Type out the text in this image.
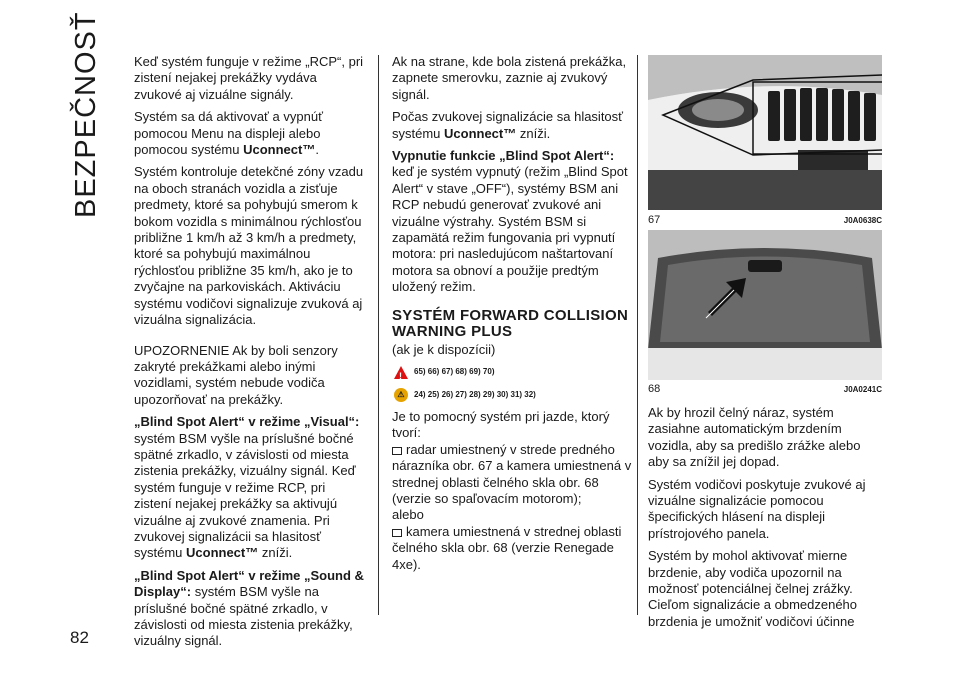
BEZPEČNOSŤ
82

Keď systém funguje v režime „RCP“, pri zistení nejakej prekážky vydáva zvukové aj vizuálne signály.

Systém sa dá aktivovať a vypnúť pomocou Menu na displeji alebo pomocou systému Uconnect™.

Systém kontroluje detekčné zóny vzadu na oboch stranách vozidla a zisťuje predmety, ktoré sa pohybujú smerom k bokom vozidla s minimálnou rýchlosťou približne 1 km/h až 3 km/h a predmety, ktoré sa pohybujú maximálnou rýchlosťou približne 35 km/h, ako je to zvyčajne na parkoviskách. Aktiváciu systému vodičovi signalizuje zvuková aj vizuálna signalizácia.

UPOZORNENIE Ak by boli senzory zakryté prekážkami alebo inými vozidlami, systém nebude vodiča upozorňovať na prekážky.

„Blind Spot Alert“ v režime „Visual“: systém BSM vyšle na príslušné bočné spätné zrkadlo, v závislosti od miesta zistenia prekážky, vizuálny signál. Keď systém funguje v režime RCP, pri zistení nejakej prekážky sa aktivujú vizuálne aj zvukové znamenia. Pri zvukovej signalizácii sa hlasitosť systému Uconnect™ zníži.

„Blind Spot Alert“ v režime „Sound & Display“: systém BSM vyšle na príslušné bočné spätné zrkadlo, v závislosti od miesta zistenia prekážky, vizuálny signál.

Ak na strane, kde bola zistená prekážka, zapnete smerovku, zaznie aj zvukový signál.

Počas zvukovej signalizácie sa hlasitosť systému Uconnect™ zníži.

Vypnutie funkcie „Blind Spot Alert“: keď je systém vypnutý (režim „Blind Spot Alert“ v stave „OFF“), systémy BSM ani RCP nebudú generovať zvukové ani vizuálne výstrahy. Systém BSM si zapamätá režim fungovania pri vypnutí motora: pri nasledujúcom naštartovaní motora sa obnoví a použije predtým uložený režim.

SYSTÉM FORWARD COLLISION WARNING PLUS

(ak je k dispozícii)

!
65) 66) 67) 68) 69) 70)
⚠	24) 25) 26) 27) 28) 29) 30) 31) 32)

Je to pomocný systém pri jazde, ktorý tvorí:

radar umiestnený v strede predného nárazníka obr. 67 a kamera umiestnená v strednej oblasti čelného skla obr. 68 (verzie so spaľovacím motorom);
alebo
kamera umiestnená v strednej oblasti čelného skla obr. 68 (verzie Renegade 4xe).
67	J0A0638C
68	J0A0241C

Ak by hrozil čelný náraz, systém zasiahne automatickým brzdením vozidla, aby sa predišlo zrážke alebo aby sa znížil jej dopad.

Systém vodičovi poskytuje zvukové aj vizuálne signalizácie pomocou špecifických hlásení na displeji prístrojového panela.

Systém by mohol aktivovať mierne brzdenie, aby vodiča upozornil na možnosť potenciálnej čelnej zrážky. Cieľom signalizácie a obmedzeného brzdenia je umožniť vodičovi účinne
